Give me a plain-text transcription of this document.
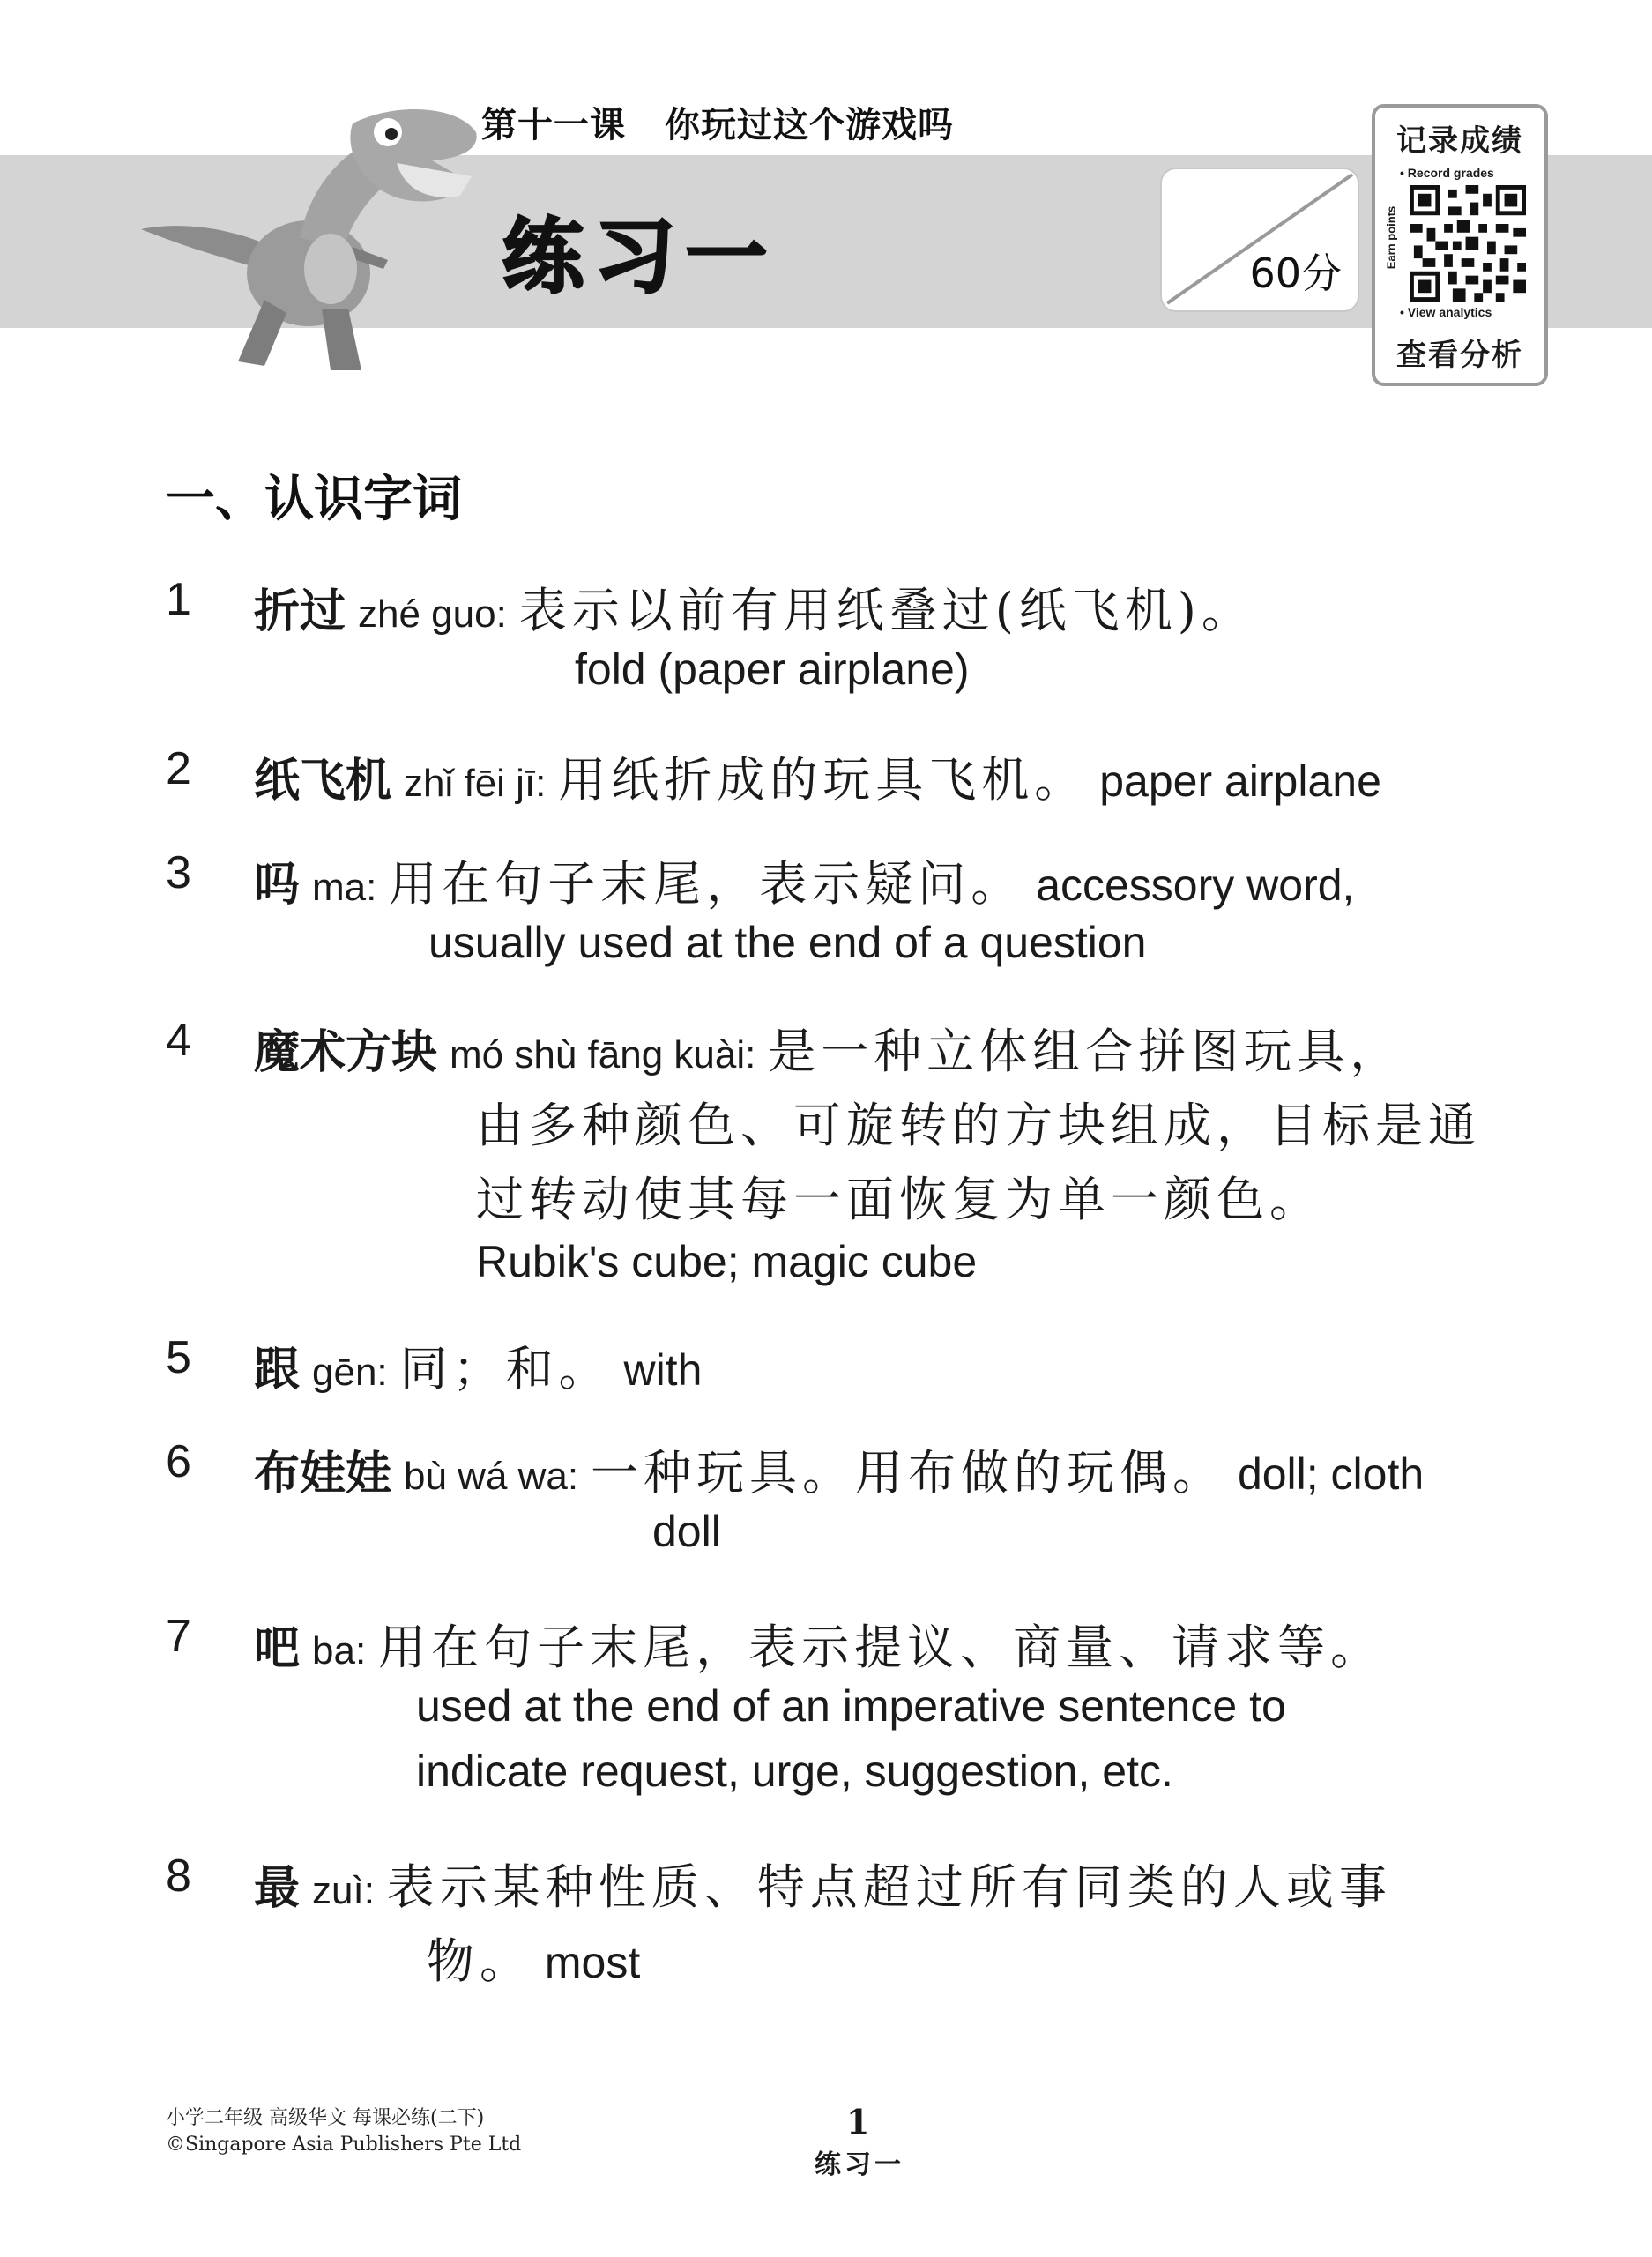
第十一课 你玩过这个游戏吗
练习一	60分
记录成绩
• Record grades
Earn points
• View analytics
查看分析
一、认识字词
1 折过 zhé guo: 表示以前有用纸叠过(纸飞机)。
fold (paper airplane)
2 纸飞机 zhǐ fēi jī: 用纸折成的玩具飞机。 paper airplane
3 吗 ma: 用在句子末尾，表示疑问。 accessory word,
usually used at the end of a question
4 魔术方块 mó shù fāng kuài: 是一种立体组合拼图玩具，
由多种颜色、可旋转的方块组成，目标是通
过转动使其每一面恢复为单一颜色。
Rubik's cube; magic cube
5 跟 gēn: 同；和。 with
6 布娃娃 bù wá wa: 一种玩具。用布做的玩偶。 doll; cloth
doll
7 吧 ba: 用在句子末尾，表示提议、商量、请求等。
used at the end of an imperative sentence to
indicate request, urge, suggestion, etc.
8 最 zuì: 表示某种性质、特点超过所有同类的人或事
物。 most
小学二年级 高级华文 每课必练(二下)
©Singapore Asia Publishers Pte Ltd
1
练习一
